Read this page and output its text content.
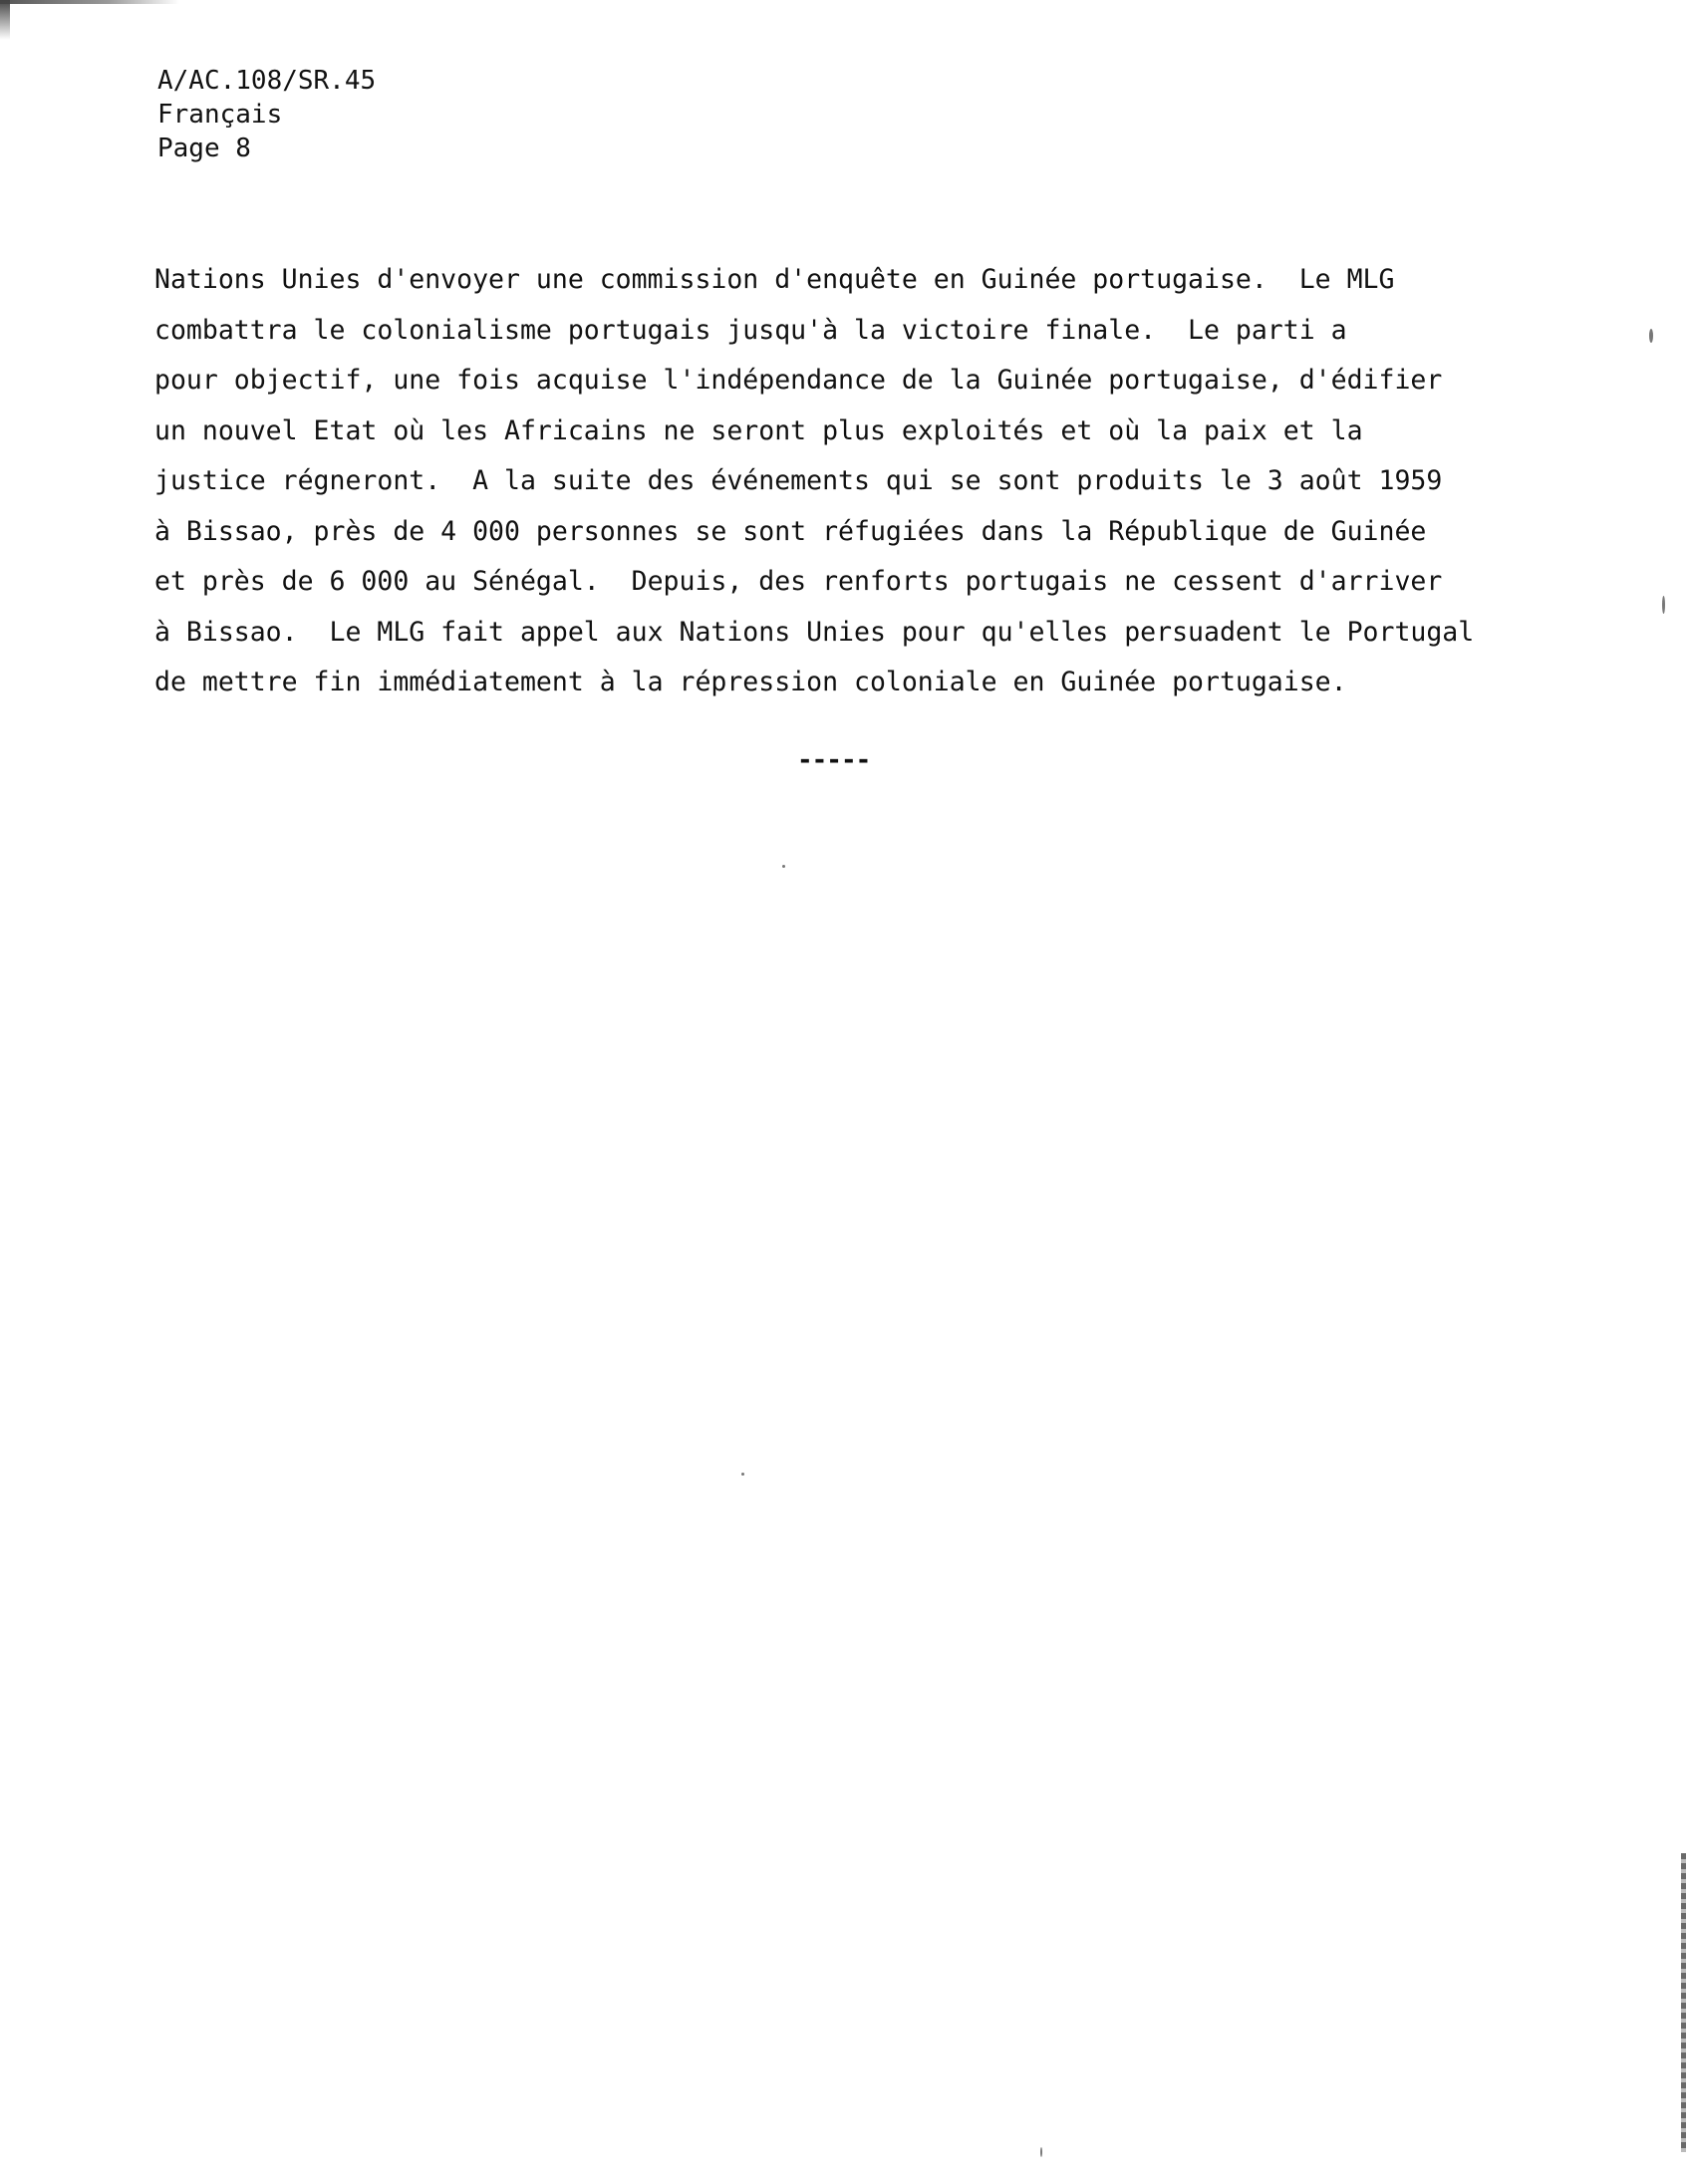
A/AC.108/SR.45
Français
Page 8
Nations Unies d'envoyer une commission d'enquête en Guinée portugaise.  Le MLG
combattra le colonialisme portugais jusqu'à la victoire finale.  Le parti a
pour objectif, une fois acquise l'indépendance de la Guinée portugaise, d'édifier
un nouvel Etat où les Africains ne seront plus exploités et où la paix et la
justice régneront.  A la suite des événements qui se sont produits le 3 août 1959
à Bissao, près de 4 000 personnes se sont réfugiées dans la République de Guinée
et près de 6 000 au Sénégal.  Depuis, des renforts portugais ne cessent d'arriver
à Bissao.  Le MLG fait appel aux Nations Unies pour qu'elles persuadent le Portugal
de mettre fin immédiatement à la répression coloniale en Guinée portugaise.
-----
